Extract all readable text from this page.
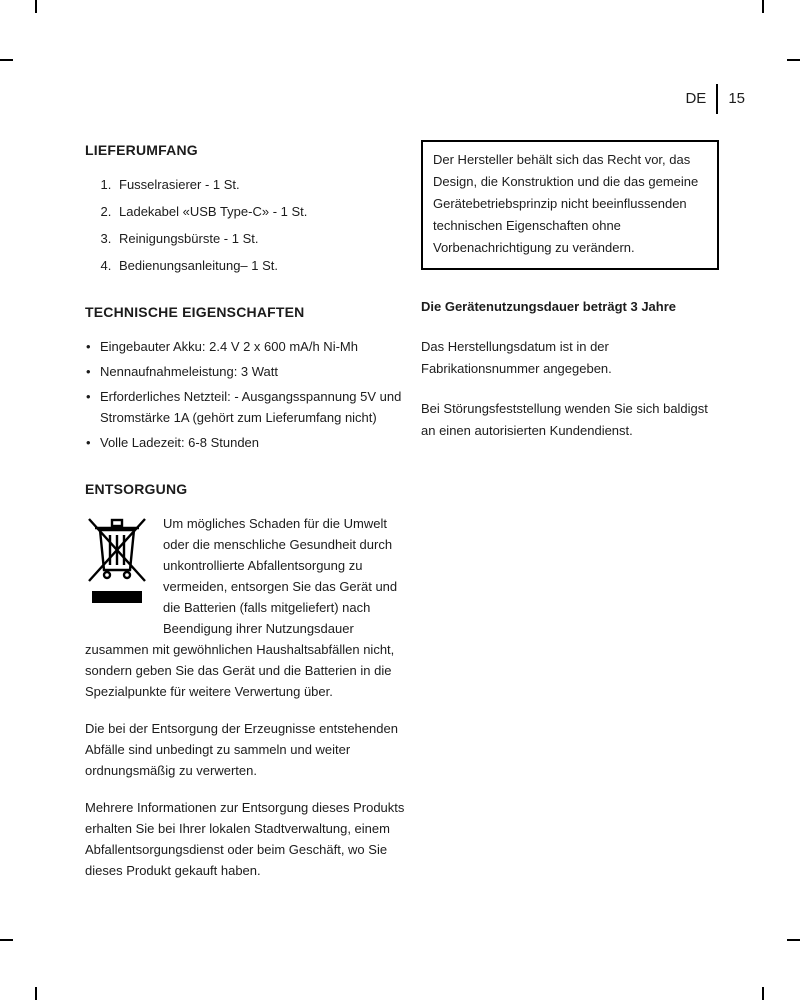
DE 15
LIEFERUMFANG
1. Fusselrasierer - 1 St.
2. Ladekabel «USB Type-C» - 1 St.
3. Reinigungsbürste - 1 St.
4. Bedienungsanleitung– 1 St.
TECHNISCHE EIGENSCHAFTEN
• Eingebauter Akku: 2.4 V 2 x 600 mA/h Ni-Mh
• Nennaufnahmeleistung: 3 Watt
• Erforderliches Netzteil: - Ausgangsspannung 5V und Stromstärke 1A (gehört zum Lieferumfang nicht)
• Volle Ladezeit: 6-8 Stunden
ENTSORGUNG

Um mögliches Schaden für die Umwelt oder die menschliche Gesundheit durch unkontrollierte Abfallentsorgung zu vermeiden, entsorgen Sie das Gerät und die Batterien (falls mitgeliefert) nach Beendigung ihrer Nutzungsdauer zusammen mit gewöhnlichen Haushaltsabfällen nicht, sondern geben Sie das Gerät und die Batterien in die Spezialpunkte für weitere Verwertung über.

Die bei der Entsorgung der Erzeugnisse entstehenden Abfälle sind unbedingt zu sammeln und weiter ordnungsmäßig zu verwerten.

Mehrere Informationen zur Entsorgung dieses Produkts erhalten Sie bei Ihrer lokalen Stadtverwaltung, einem Abfallentsorgungsdienst oder beim Geschäft, wo Sie dieses Produkt gekauft haben.

Der Hersteller behält sich das Recht vor, das Design, die Konstruktion und die das gemeine Gerätebetriebsprinzip nicht beeinflussenden technischen Eigenschaften ohne Vorbenachrichtigung zu verändern.

Die Gerätenutzungsdauer beträgt 3 Jahre

Das Herstellungsdatum ist in der Fabrikationsnummer angegeben.

Bei Störungsfeststellung wenden Sie sich baldigst an einen autorisierten Kundendienst.
